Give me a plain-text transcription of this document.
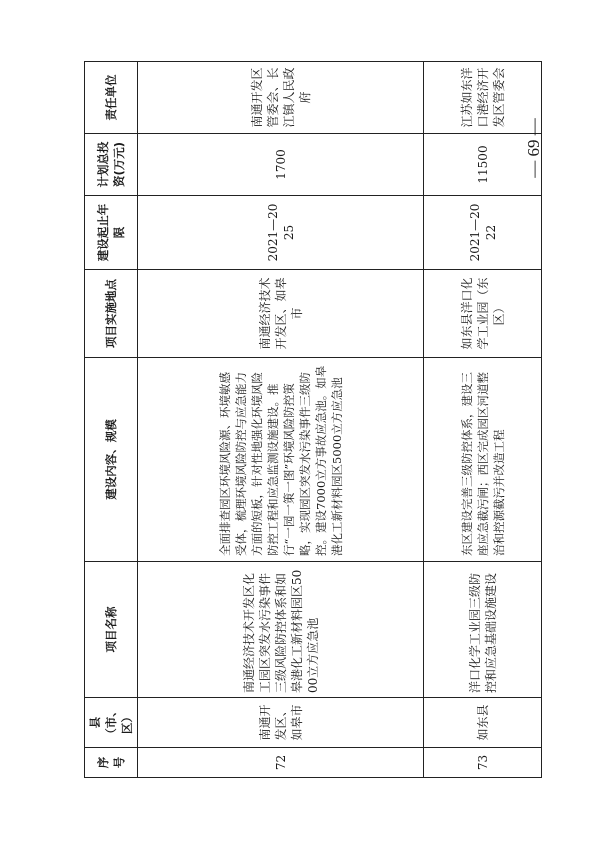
序号	县（市、区）	项目名称	建设内容、规模	项目实施地点	建设起止年限	计划总投资(万元)	责任单位
72	南通开发区、如皋市	南通经济技术开发区化工园区突发水污染事件三级风险防控体系和如皋港化工新材料园区5000立方应急池	全面排查园区环境风险源、环境敏感受体，梳理环境风险防控与应急能力方面的短板，针对性地强化环境风险防控工程和应急监测设施建设。推行“一园一策一图”环境风险防控策略，实现园区突发水污染事件三级防控。建设7000立方事故应急池。如皋港化工新材料园区5000立方应急池	南通经济技术开发区、如皋市	2021—2025	1700	南通开发区管委会、长江镇人民政府
73	如东县	洋口化学工业园三级防控和应急基础设施建设	东区建设完善三级防控体系，建设三座应急截污闸；西区完成园区河道整治和控源截污并改造工程	如东县洋口化学工业园（东区）	2021—2022	11500	江苏如东洋口港经济开发区管委会
— 69 —
